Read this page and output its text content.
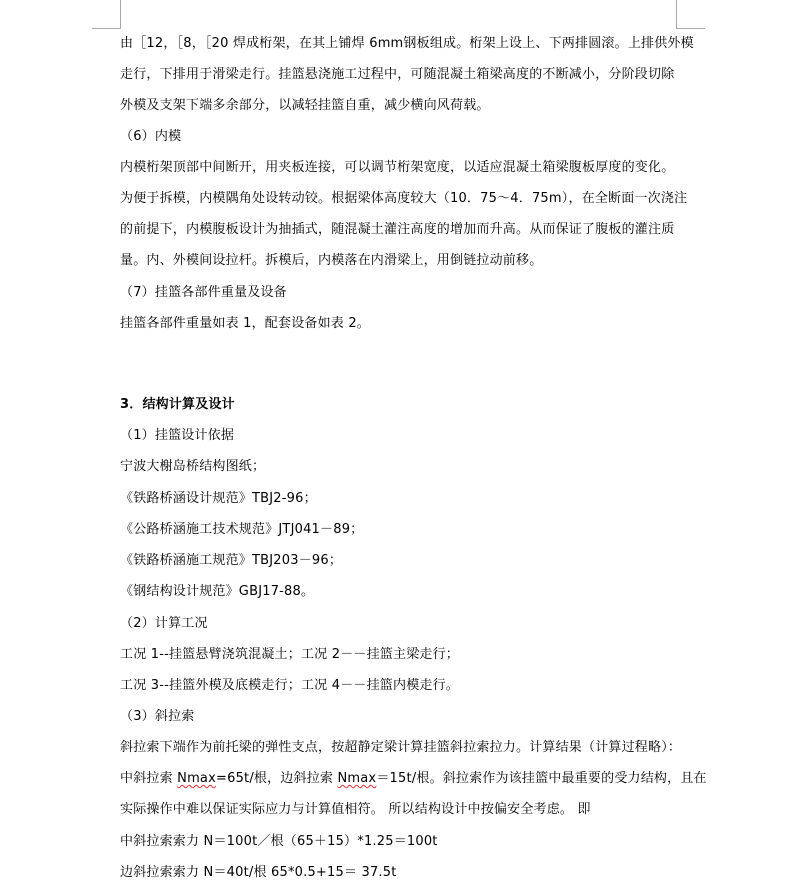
由［12，［8，［20 焊成桁架，在其上铺焊 6mm钢板组成。桁架上设上、下两排圆滚。上排供外模
走行，下排用于滑梁走行。挂篮悬浇施工过程中，可随混凝土箱梁高度的不断减小，分阶段切除
外模及支架下端多余部分，以减轻挂篮自重，减少横向风荷载。
（6）内模
内模桁架顶部中间断开，用夹板连接，可以调节桁架宽度，以适应混凝土箱梁腹板厚度的变化。
为便于拆模，内模隅角处设转动铰。根据梁体高度较大（10．75～4．75m），在全断面一次浇注
的前提下，内模腹板设计为抽插式，随混凝土灌注高度的增加而升高。从而保证了腹板的灌注质
量。内、外模间设拉杆。拆模后，内模落在内滑梁上，用倒链拉动前移。
（7）挂篮各部件重量及设备
挂篮各部件重量如表 1，配套设备如表 2。
3．结构计算及设计
（1）挂篮设计依据
宁波大榭岛桥结构图纸；
《铁路桥涵设计规范》TBJ2-96；
《公路桥涵施工技术规范》JTJ041－89；
《铁路桥涵施工规范》TBJ203－96；
《钢结构设计规范》GBJ17-88。
（2）计算工况
工况 1--挂篮悬臂浇筑混凝土；工况 2－－挂篮主梁走行；
工况 3--挂篮外模及底模走行；工况 4－－挂篮内模走行。
（3）斜拉索
斜拉索下端作为前托梁的弹性支点，按超静定梁计算挂篮斜拉索拉力。计算结果（计算过程略）：
中斜拉索 Nmax=65t/根，边斜拉索 Nmax＝15t/根。斜拉索作为该挂篮中最重要的受力结构，且在
实际操作中难以保证实际应力与计算值相符。 所以结构设计中按偏安全考虑。 即
中斜拉索索力 N＝100t／根（65＋15）*1.25＝100t
边斜拉索索力 N＝40t/根 65*0.5+15＝ 37.5t
